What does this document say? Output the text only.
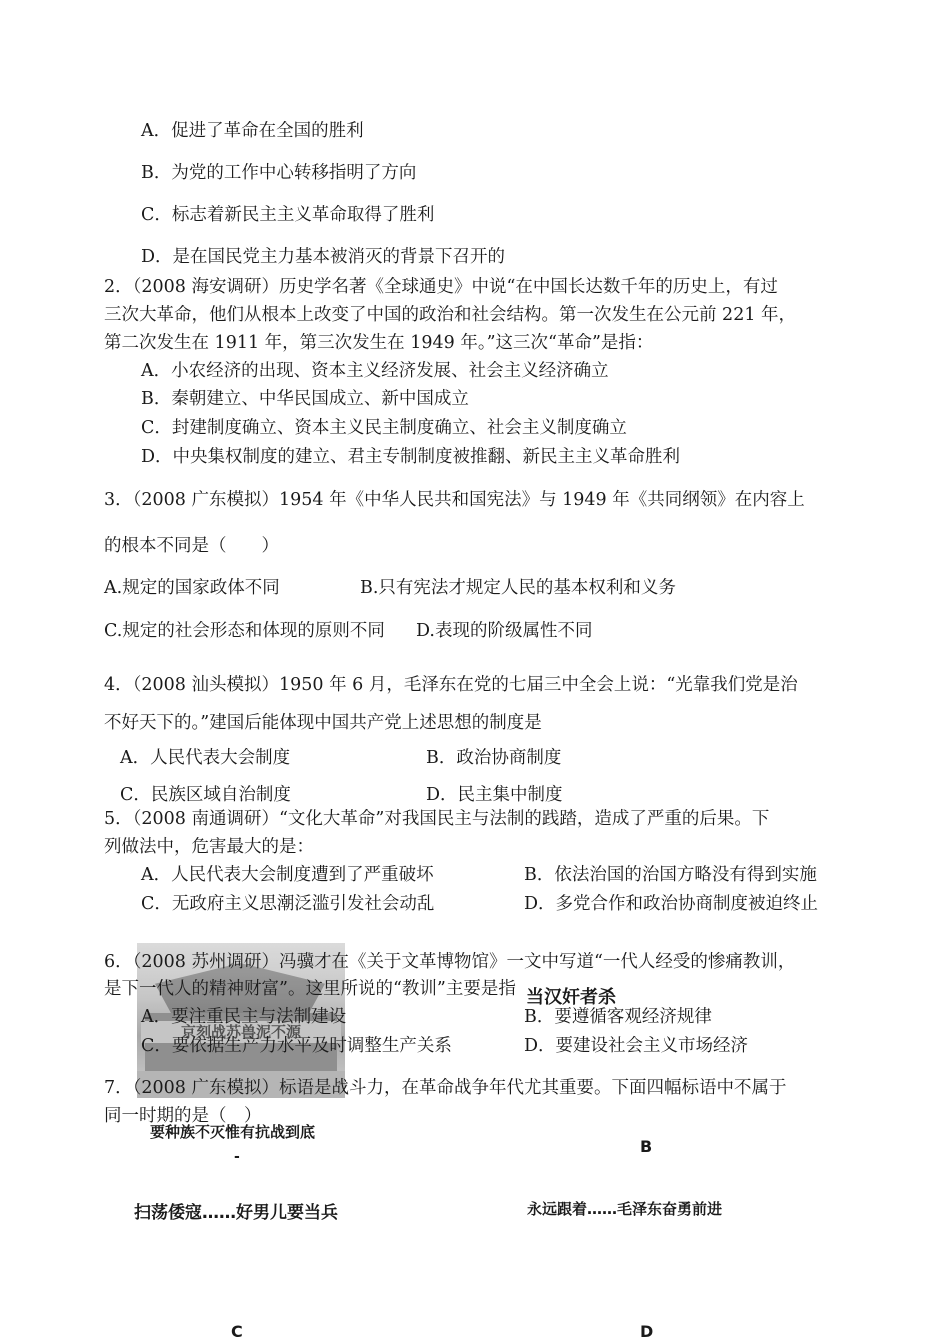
A．促进了革命在全国的胜利
B．为党的工作中心转移指明了方向
C．标志着新民主主义革命取得了胜利
D．是在国民党主力基本被消灭的背景下召开的
2．（2008 海安调研）历史学名著《全球通史》中说“在中国长达数千年的历史上，有过
三次大革命，他们从根本上改变了中国的政治和社会结构。第一次发生在公元前 221 年，
第二次发生在 1911 年，第三次发生在 1949 年。”这三次“革命”是指：
A．小农经济的出现、资本主义经济发展、社会主义经济确立
B．秦朝建立、中华民国成立、新中国成立
C．封建制度确立、资本主义民主制度确立、社会主义制度确立
D．中央集权制度的建立、君主专制制度被推翻、新民主主义革命胜利
3．（2008 广东模拟）1954 年《中华人民共和国宪法》与 1949 年《共同纲领》在内容上
的根本不同是（　　）
A.规定的国家政体不同	B.只有宪法才规定人民的基本权利和义务
C.规定的社会形态和体现的原则不同 D.表现的阶级属性不同
4．（2008 汕头模拟）1950 年 6 月，毛泽东在党的七届三中全会上说：“光靠我们党是治
不好天下的。”建国后能体现中国共产党上述思想的制度是
A．人民代表大会制度	B．政治协商制度
C．民族区域自治制度	D．民主集中制度
5．（2008 南通调研）“文化大革命”对我国民主与法制的践踏，造成了严重的后果。下
列做法中，危害最大的是：
A．人民代表大会制度遭到了严重破坏	B．依法治国的治国方略没有得到实施
C．无政府主义思潮泛滥引发社会动乱	D．多党合作和政治协商制度被迫终止
京刻战苏兽泥不源
6．（2008 苏州调研）冯骥才在《关于文革博物馆》一文中写道“一代人经受的惨痛教训，
是下一代人的精神财富”。这里所说的“教训”主要是指 当汉奸者杀
A．要注重民主与法制建设	B．要遵循客观经济规律
C．要依据生产力水平及时调整生产关系	D．要建设社会主义市场经济
7．（2008 广东模拟）标语是战斗力，在革命战争年代尤其重要。下面四幅标语中不属于
同一时期的是（　）
要种族不灭惟有抗战到底
-
B
扫荡倭寇……好男儿要当兵	永远跟着……毛泽东奋勇前进
C	D
